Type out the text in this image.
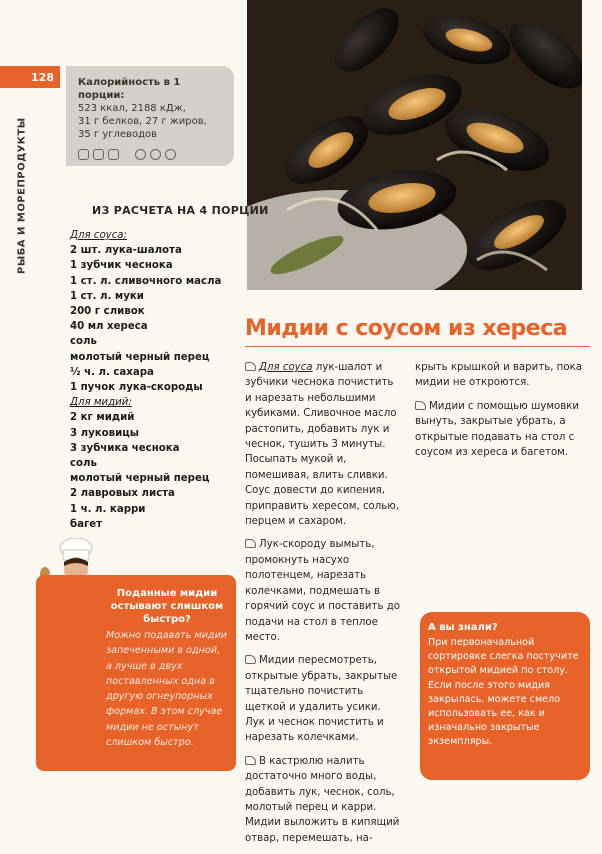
128
РЫБА И МОРЕПРОДУКТЫ
Калорийность в 1 порции:
523 ккал, 2188 кДж,
31 г белков, 27 г жиров,
35 г углеводов
ИЗ РАСЧЕТА НА 4 ПОРЦИИ
Для соуса:
2 шт. лука-шалота
1 зубчик чеснока
1 ст. л. сливочного масла
1 ст. л. муки
200 г сливок
40 мл хереса
соль
молотый черный перец
½ ч. л. сахара
1 пучок лука-скороды
Для мидий:
2 кг мидий
3 луковицы
3 зубчика чеснока
соль
молотый черный перец
2 лавровых листа
1 ч. л. карри
багет
Поданные мидии остывают слишком быстро?
Можно подавать мидии запеченными в одной, а лучше в двух поставленных одна в другую огнеупорных формах. В этом случае мидии не остынут слишком быстро.
Мидии с соусом из хереса

Для соуса лук-шалот и зубчики чеснока почистить и нарезать небольшими кубиками. Сливочное масло растопить, добавить лук и чеснок, тушить 3 минуты. Посыпать мукой и, помешивая, влить сливки. Соус довести до кипения, приправить хересом, солью, перцем и сахаром.

Лук-скороду вымыть, промокнуть насухо полотенцем, нарезать колечками, подмешать в горячий соус и поставить до подачи на стол в теплое место.

Мидии пересмотреть, открытые убрать, закрытые тщательно почистить щеткой и удалить усики. Лук и чеснок почистить и нарезать колечками.

В кастрюлю налить достаточно много воды, добавить лук, чеснок, соль, молотый перец и карри. Мидии выложить в кипящий отвар, перемешать, на-

крыть крышкой и варить, пока мидии не откроются.

Мидии с помощью шумовки вынуть, закрытые убрать, а открытые подавать на стол с соусом из хереса и багетом.

А вы знали?
При первоначальной сортировке слегка постучите открытой мидией по столу. Если после этого мидия закрылась, можете смело использовать ее, как и изначально закрытые экземпляры.
